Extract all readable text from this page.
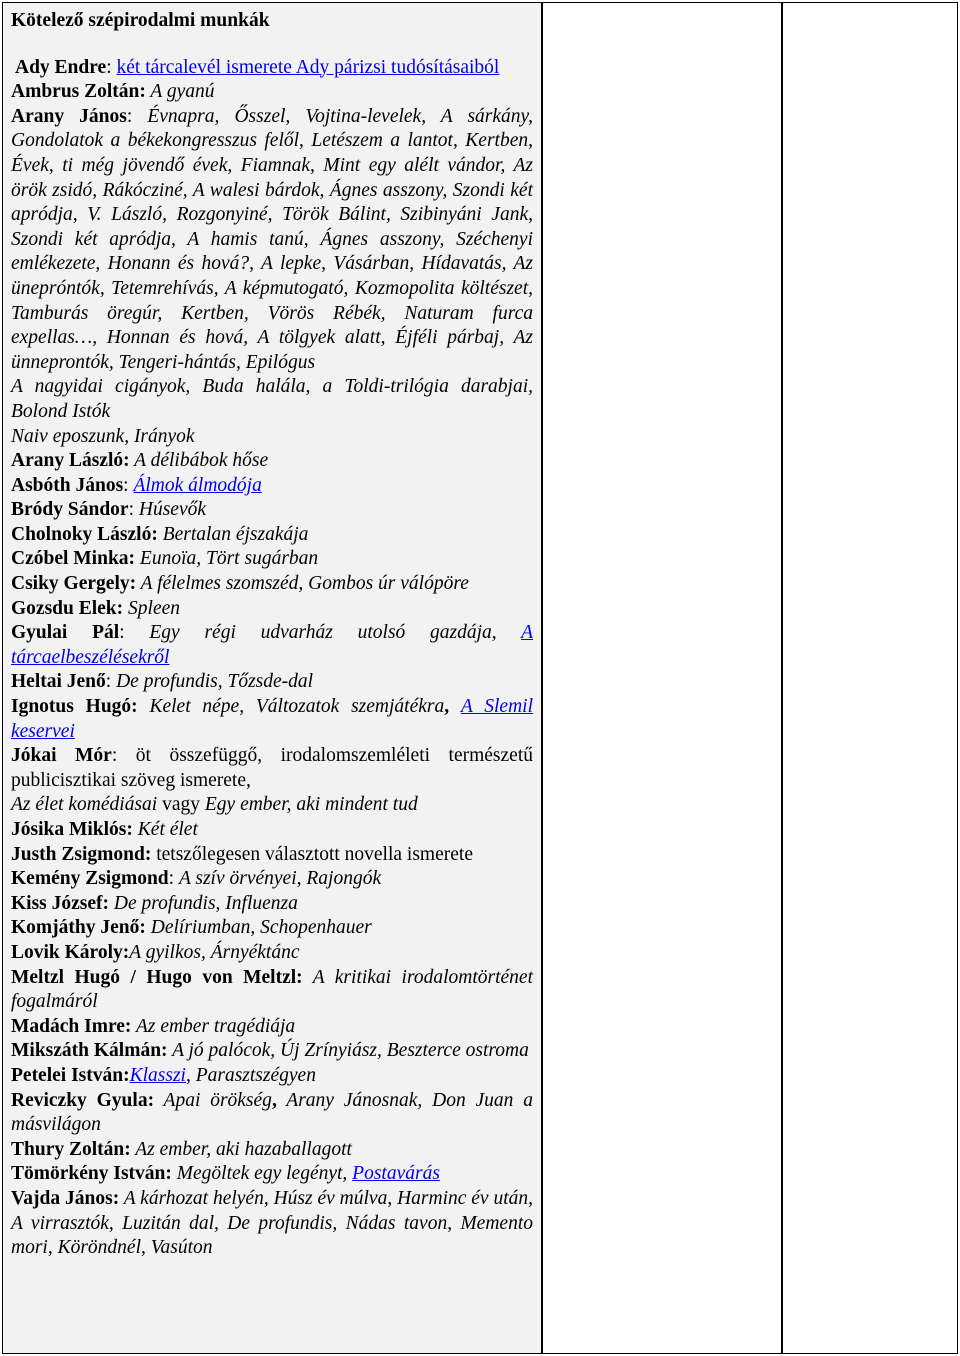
Kötelező szépirodalmi munkák
Ady Endre: két tárcalevél ismerete Ady párizsi tudósításaiból
Ambrus Zoltán: A gyanú
Arany János: Évnapra, Ősszel, Vojtina-levelek, A sárkány, Gondolatok a békekongresszus felől, Letészem a lantot, Kertben, Évek, ti még jövendő évek, Fiamnak, Mint egy alélt vándor, Az örök zsidó, Rákócziné, A walesi bárdok, Ágnes asszony, Szondi két apródja, V. László, Rozgonyiné, Török Bálint, Szibinyáni Jank, Szondi két apródja, A hamis tanú, Ágnes asszony, Széchenyi emlékezete, Honann és hová?, A lepke, Vásárban, Hídavatás, Az ünepróntók, Tetemrehívás, A képmutogató, Kozmopolita költészet, Tamburás öregúr, Kertben, Vörös Rébék, Naturam furca expellas…, Honnan és hová, A tölgyek alatt, Éjféli párbaj, Az ünneprontók, Tengeri-hántás, Epilógus
A nagyidai cigányok, Buda halála, a Toldi-trilógia darabjai, Bolond Istók
Naiv eposzunk, Irányok
Arany László: A délibábok hőse
Asbóth János: Álmok álmodója
Bródy Sándor: Húsevők
Cholnoky László: Bertalan éjszakája
Czóbel Minka: Eunoïa, Tört sugárban
Csiky Gergely: A félelmes szomszéd, Gombos úr válópöre
Gozsdu Elek: Spleen
Gyulai Pál: Egy régi udvarház utolsó gazdája, A tárcaelbeszélésekről
Heltai Jenő: De profundis, Tőzsde-dal
Ignotus Hugó: Kelet népe, Változatok szemjátékra, A Slemil keservei
Jókai Mór: öt összefüggő, irodalomszemléleti természetű publicisztikai szöveg ismerete,
Az élet komédiásai vagy Egy ember, aki mindent tud
Jósika Miklós: Két élet
Justh Zsigmond: tetszőlegesen választott novella ismerete
Kemény Zsigmond: A szív örvényei, Rajongók
Kiss József: De profundis, Influenza
Komjáthy Jenő: Delíriumban, Schopenhauer
Lovik Károly:A gyilkos, Árnyéktánc
Meltzl Hugó / Hugo von Meltzl: A kritikai irodalomtörténet fogalmáról
Madách Imre: Az ember tragédiája
Mikszáth Kálmán: A jó palócok, Új Zrínyiász, Beszterce ostroma
Petelei István:Klasszi, Parasztszégyen
Reviczky Gyula: Apai örökség, Arany Jánosnak, Don Juan a másvilágon
Thury Zoltán: Az ember, aki hazaballagott
Tömörkény István: Megöltek egy legényt, Postavárás
Vajda János: A kárhozat helyén, Húsz év múlva, Harminc év után, A virrasztók, Luzitán dal, De profundis, Nádas tavon, Memento mori, Köröndnél, Vasúton
